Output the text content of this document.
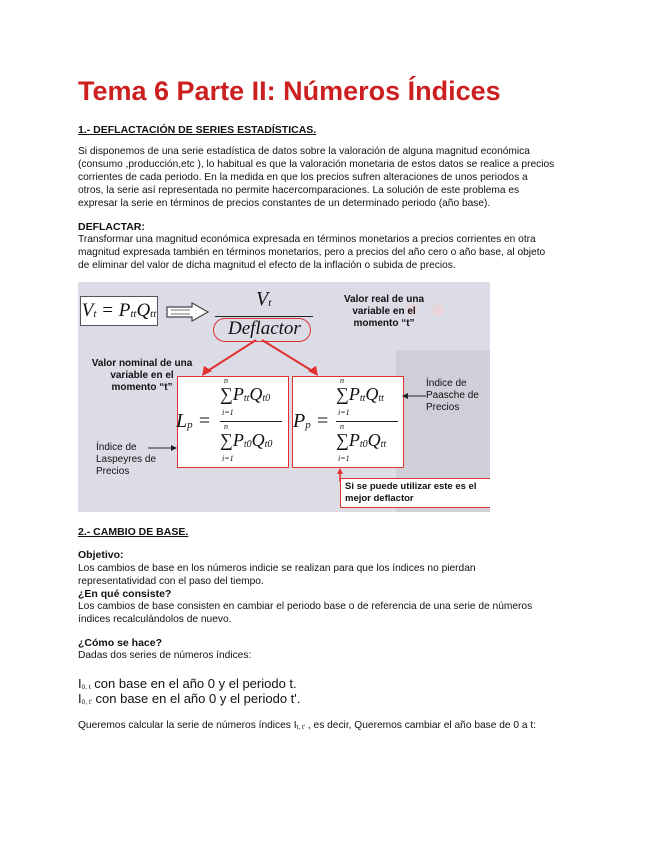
Tema 6 Parte II: Números Índices
1.- DEFLACTACIÓN DE SERIES ESTADÍSTICAS.
Si disponemos de una serie estadística de datos sobre la valoración de alguna magnitud económica
(consumo ,producción,etc ), lo habitual es que la valoración monetaria de estos datos se realice a precios
corrientes de cada periodo. En la medida en que los precios sufren alteraciones de unos periodos a
otros, la serie así representada no permite hacercomparaciones. La solución de este problema es
expresar la serie en términos de precios constantes de un determinado periodo (año base).
DEFLACTAR:
Transformar una magnitud económica expresada en términos monetarios a precios corrientes en otra
magnitud expresada también en términos monetarios, pero a precios del año cero o año base, al objeto
de eliminar del valor de dicha magnitud el efecto de la inflación o subida de precios.
Vt = PttQtt
Vt
Deflactor
Valor real de una
variable en el
momento “t”
Valor nominal de una
variable en el
momento “t”
Lp =
n
∑PttQt0
i=1
n
∑Pt0Qt0
i=1
Pp =
n
∑PttQtt
i=1
n
∑Pt0Qtt
i=1
Índice de
Paasche de
Precios
Índice de
Laspeyres de
Precios
Si se puede utilizar este es el
mejor deflactor
2.- CAMBIO DE BASE.
Objetivo:
Los cambios de base en los números indicie se realizan para que los índices no pierdan
representatividad con el paso del tiempo.
¿En qué consiste?
Los cambios de base consisten en cambiar el periodo base o de referencia de una serie de números
índices recalculándolos de nuevo.
¿Cómo se hace?
Dadas dos series de números índices:
I0, t con base en el año 0 y el periodo t.
I0, t' con base en el año 0 y el periodo t'.
Queremos calcular la serie de números índices It, t' , es decir, Queremos cambiar el año base de 0 a t:
